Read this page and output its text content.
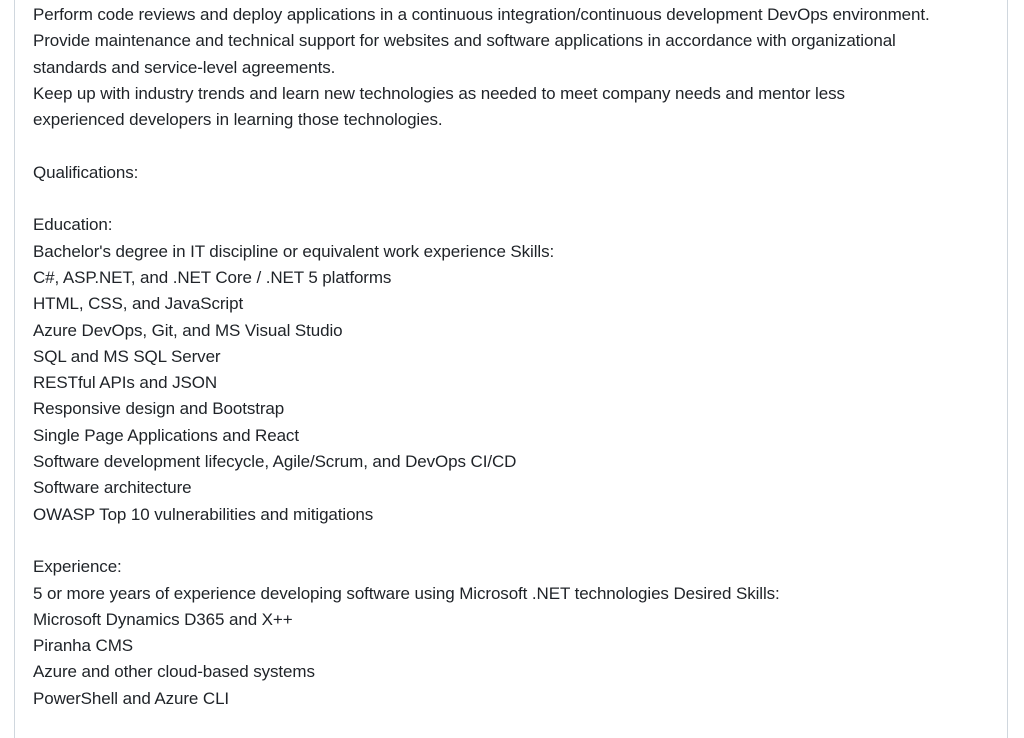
Perform code reviews and deploy applications in a continuous integration/continuous development DevOps environment.
Provide maintenance and technical support for websites and software applications in accordance with organizational
standards and service-level agreements.
Keep up with industry trends and learn new technologies as needed to meet company needs and mentor less
experienced developers in learning those technologies.
Qualifications:
Education:
Bachelor's degree in IT discipline or equivalent work experience Skills:
C#, ASP.NET, and .NET Core / .NET 5 platforms
HTML, CSS, and JavaScript
Azure DevOps, Git, and MS Visual Studio
SQL and MS SQL Server
RESTful APIs and JSON
Responsive design and Bootstrap
Single Page Applications and React
Software development lifecycle, Agile/Scrum, and DevOps CI/CD
Software architecture
OWASP Top 10 vulnerabilities and mitigations
Experience:
5 or more years of experience developing software using Microsoft .NET technologies Desired Skills:
Microsoft Dynamics D365 and X++
Piranha CMS
Azure and other cloud-based systems
PowerShell and Azure CLI
